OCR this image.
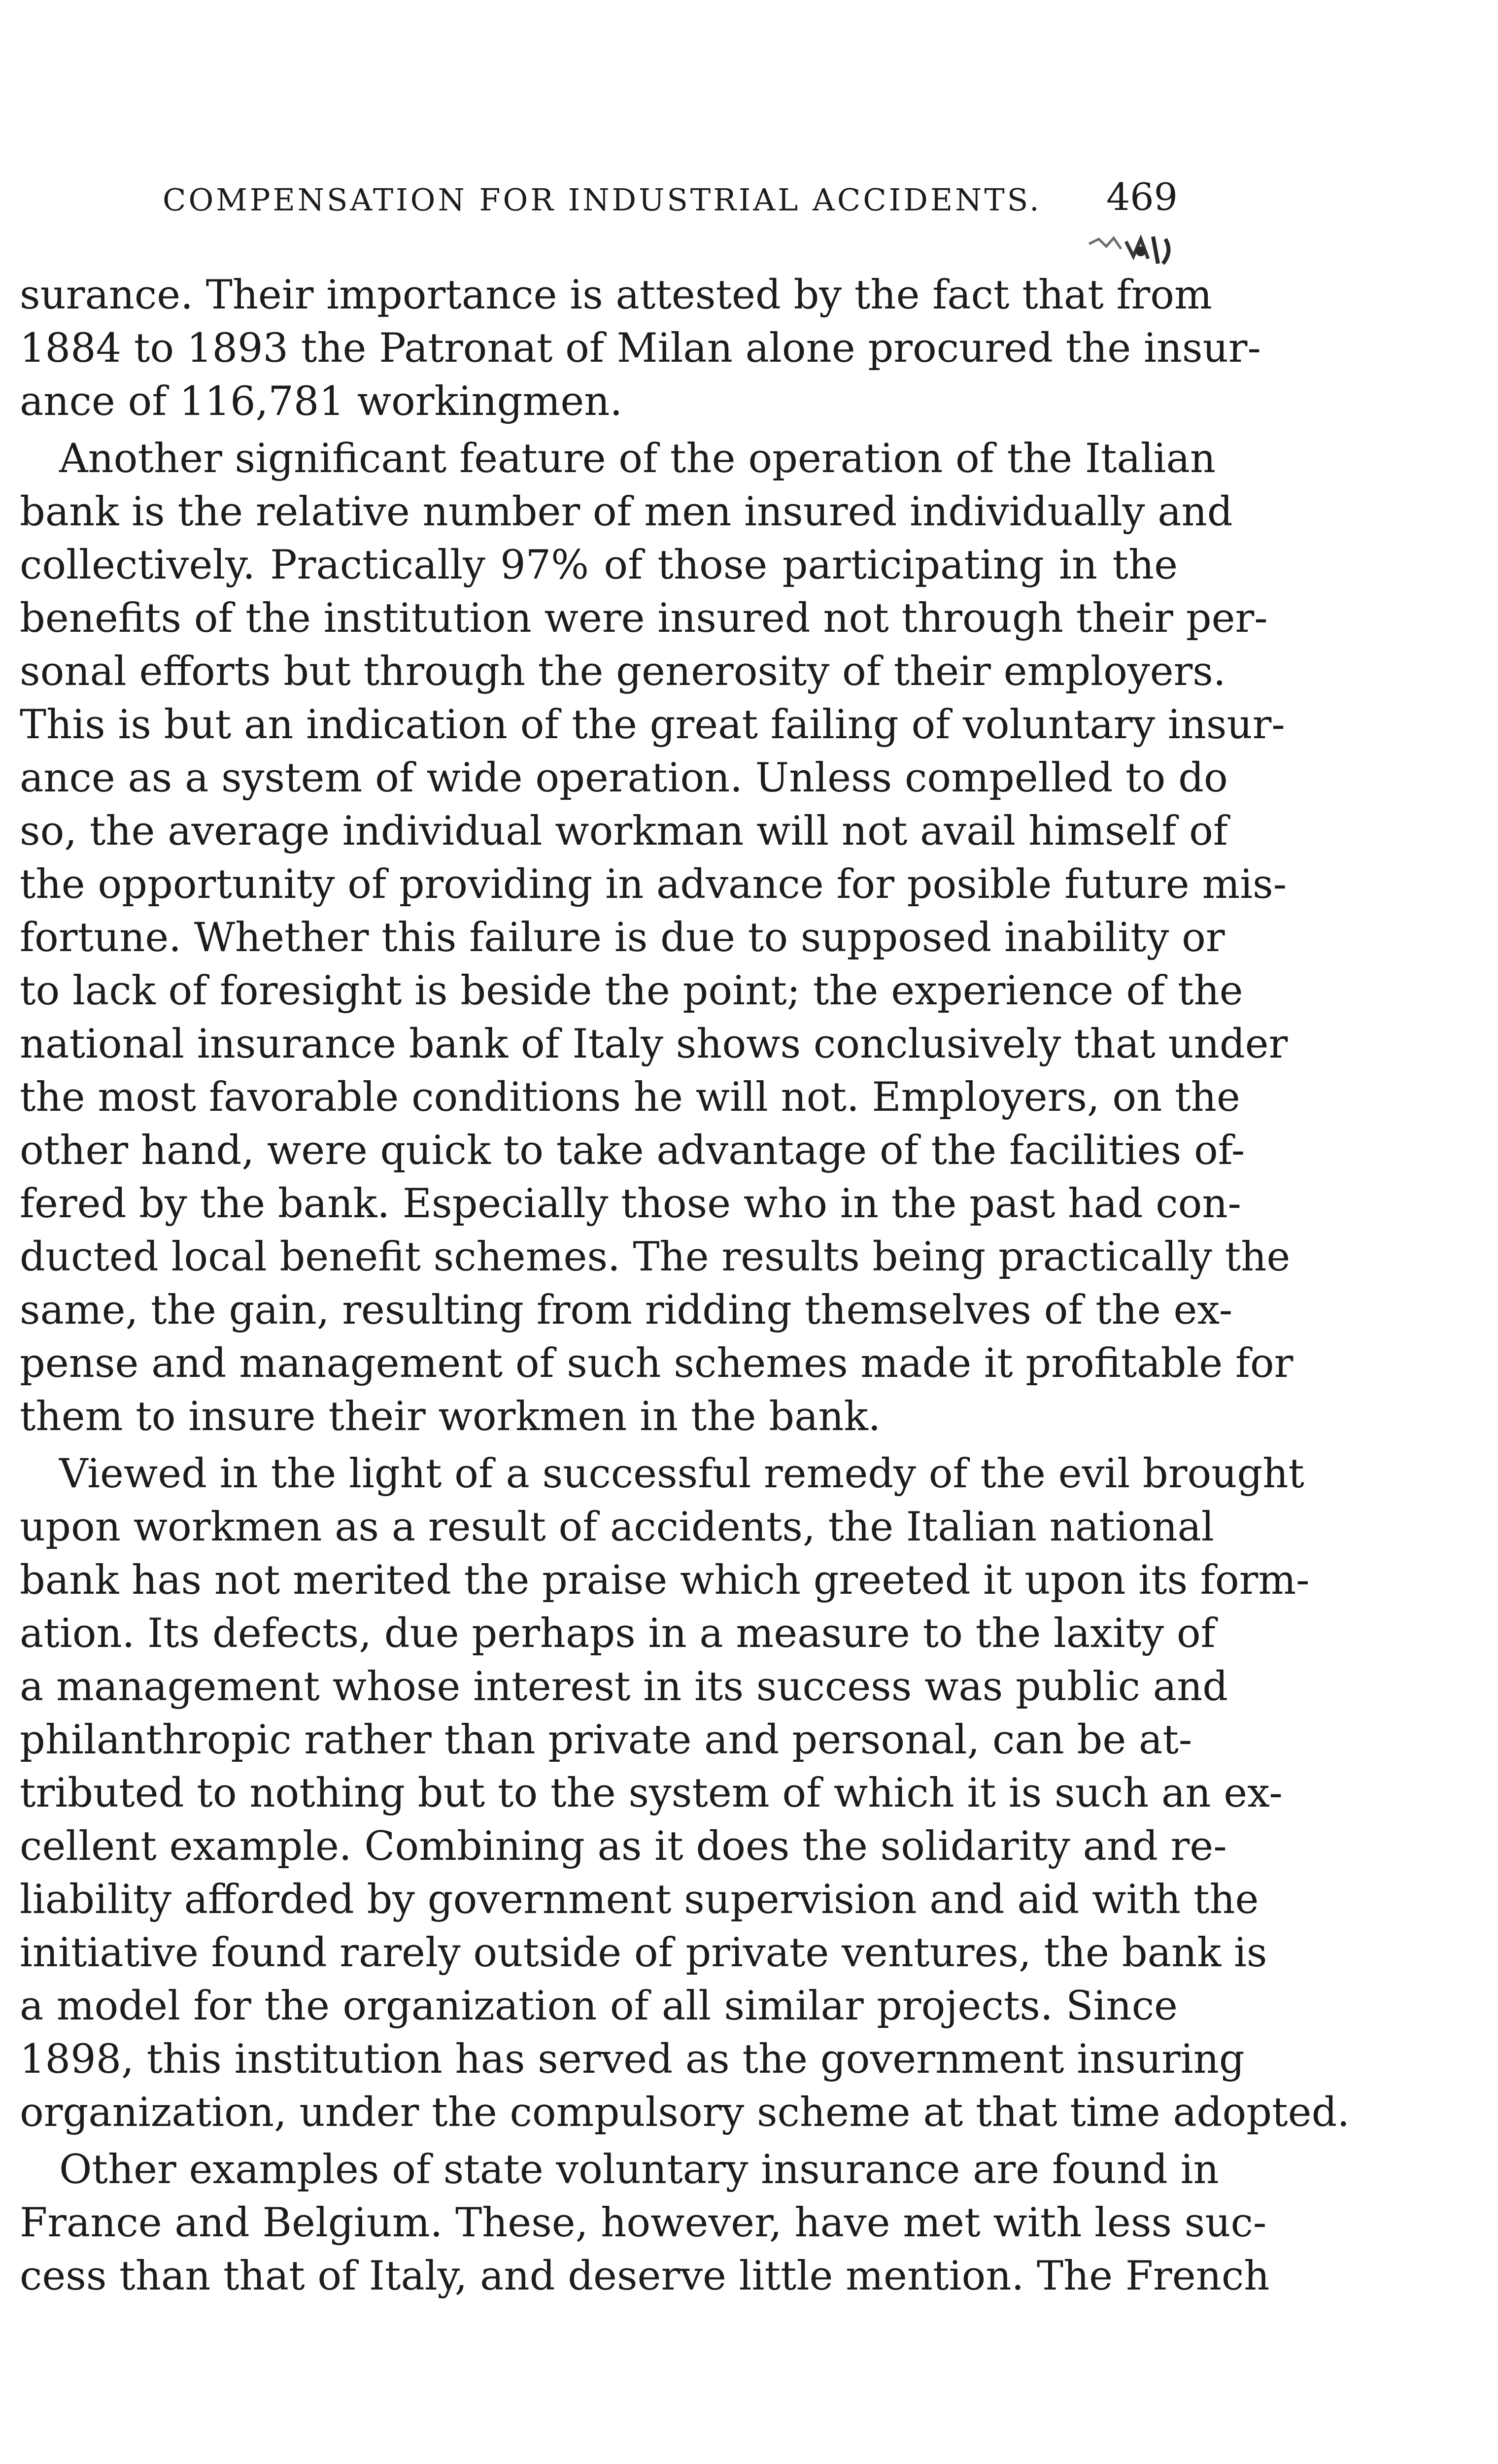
COMPENSATION FOR INDUSTRIAL ACCIDENTS. 469
surance. Their importance is attested by the fact that from
1884 to 1893 the Patronat of Milan alone procured the insur-
ance of 116,781 workingmen.
Another significant feature of the operation of the Italian
bank is the relative number of men insured individually and
collectively. Practically 97% of those participating in the
benefits of the institution were insured not through their per-
sonal efforts but through the generosity of their employers.
This is but an indication of the great failing of voluntary insur-
ance as a system of wide operation. Unless compelled to do
so, the average individual workman will not avail himself of
the opportunity of providing in advance for posible future mis-
fortune. Whether this failure is due to supposed inability or
to lack of foresight is beside the point; the experience of the
national insurance bank of Italy shows conclusively that under
the most favorable conditions he will not. Employers, on the
other hand, were quick to take advantage of the facilities of-
fered by the bank. Especially those who in the past had con-
ducted local benefit schemes. The results being practically the
same, the gain, resulting from ridding themselves of the ex-
pense and management of such schemes made it profitable for
them to insure their workmen in the bank.
Viewed in the light of a successful remedy of the evil brought
upon workmen as a result of accidents, the Italian national
bank has not merited the praise which greeted it upon its form-
ation. Its defects, due perhaps in a measure to the laxity of
a management whose interest in its success was public and
philanthropic rather than private and personal, can be at-
tributed to nothing but to the system of which it is such an ex-
cellent example. Combining as it does the solidarity and re-
liability afforded by government supervision and aid with the
initiative found rarely outside of private ventures, the bank is
a model for the organization of all similar projects. Since
1898, this institution has served as the government insuring
organization, under the compulsory scheme at that time adopted.
Other examples of state voluntary insurance are found in
France and Belgium. These, however, have met with less suc-
cess than that of Italy, and deserve little mention. The French
